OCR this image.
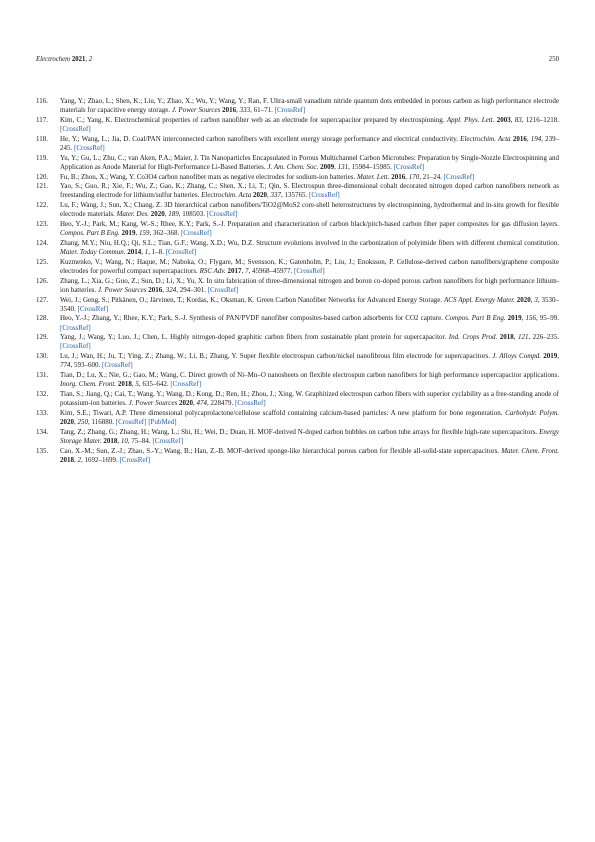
Electrochem 2021, 2	250
116.	Yang, Y.; Zhao, L.; Shen, K.; Liu, Y.; Zhao, X.; Wu, Y.; Wang, Y.; Ran, F. Ultra-small vanadium nitride quantum dots embedded in porous carbon as high performance electrode materials for capacitive energy storage. J. Power Sources 2016, 333, 61–71. [CrossRef]
117.	Kim, C.; Yang, K. Electrochemical properties of carbon nanofiber web as an electrode for supercapacitor prepared by electrospinning. Appl. Phys. Lett. 2003, 83, 1216–1218. [CrossRef]
118.	He, Y.; Wang, L.; Jia, D. Coal/PAN interconnected carbon nanofibers with excellent energy storage performance and electrical conductivity. Electrochim. Acta 2016, 194, 239–245. [CrossRef]
119.	Yu, Y.; Gu, L.; Zhu, C.; van Aken, P.A.; Maier, J. Tin Nanoparticles Encapsulated in Porous Multichannel Carbon Microtubes: Preparation by Single-Nozzle Electrospinning and Application as Anode Material for High-Performance Li-Based Batteries. J. Am. Chem. Soc. 2009, 131, 15984–15985. [CrossRef]
120.	Fu, B.; Zhou, X.; Wang, Y. Co3O4 carbon nanofiber mats as negative electrodes for sodium-ion batteries. Mater. Lett. 2016, 170, 21–24. [CrossRef]
121.	Yao, S.; Guo, R.; Xie, F.; Wu, Z.; Gao, K.; Zhang, C.; Shen, X.; Li, T.; Qin, S. Electrospun three-dimensional cobalt decorated nitrogen doped carbon nanofibers network as freestanding electrode for lithium/sulfur batteries. Electrochim. Acta 2020, 337, 135765. [CrossRef]
122.	Lu, F.; Wang, J.; Sun, X.; Chang, Z. 3D hierarchical carbon nanofibers/TiO2@MoS2 core-shell heterostructures by electrospinning, hydrothermal and in-situ growth for flexible electrode materials. Mater. Des. 2020, 189, 108503. [CrossRef]
123.	Heo, Y.-J.; Park, M.; Kang, W.-S.; Rhee, K.Y.; Park, S.-J. Preparation and characterization of carbon black/pitch-based carbon fiber paper composites for gas diffusion layers. Compos. Part B Eng. 2019, 159, 362–368. [CrossRef]
124.	Zhang, M.Y.; Niu, H.Q.; Qi, S.L.; Tian, G.F.; Wang, X.D.; Wu, D.Z. Structure evolutions involved in the carbonization of polyimide fibers with different chemical constitution. Mater. Today Commun. 2014, 1, 1–8. [CrossRef]
125.	Kuzmenko, V.; Wang, N.; Haque, M.; Naboka, O.; Flygare, M.; Svensson, K.; Gatenholm, P.; Liu, J.; Enoksson, P. Cellulose-derived carbon nanofibers/graphene composite electrodes for powerful compact supercapacitors. RSC Adv. 2017, 7, 45968–45977. [CrossRef]
126.	Zhang, L.; Xia, G.; Guo, Z.; Sun, D.; Li, X.; Yu, X. In situ fabrication of three-dimensional nitrogen and boron co-doped porous carbon nanofibers for high performance lithium-ion batteries. J. Power Sources 2016, 324, 294–301. [CrossRef]
127.	Wei, J.; Geng, S.; Pitkänen, O.; Järvinen, T.; Kordas, K.; Oksman, K. Green Carbon Nanofiber Networks for Advanced Energy Storage. ACS Appl. Energy Mater. 2020, 3, 3530–3540. [CrossRef]
128.	Heo, Y.-J.; Zhang, Y.; Rhee, K.Y.; Park, S.-J. Synthesis of PAN/PVDF nanofiber composites-based carbon adsorbents for CO2 capture. Compos. Part B Eng. 2019, 156, 95–99. [CrossRef]
129.	Yang, J.; Wang, Y.; Luo, J.; Chen, L. Highly nitrogen-doped graphitic carbon fibers from sustainable plant protein for supercapacitor. Ind. Crops Prod. 2018, 121, 226–235. [CrossRef]
130.	Lu, J.; Wan, H.; Ju, T.; Ying, Z.; Zhang, W.; Li, B.; Zhang, Y. Super flexible electrospun carbon/nickel nanofibrous film electrode for supercapacitors. J. Alloys Compd. 2019, 774, 593–600. [CrossRef]
131.	Tian, D.; Lu, X.; Nie, G.; Gao, M.; Wang, C. Direct growth of Ni–Mn–O nanosheets on flexible electrospun carbon nanofibers for high performance supercapacitor applications. Inorg. Chem. Front. 2018, 5, 635–642. [CrossRef]
132.	Tian, S.; Jiang, Q.; Cai, T.; Wang, Y.; Wang, D.; Kong, D.; Ren, H.; Zhou, J.; Xing, W. Graphitized electrospun carbon fibers with superior cyclability as a free-standing anode of potassium-ion batteries. J. Power Sources 2020, 474, 228479. [CrossRef]
133.	Kim, S.E.; Tiwari, A.P. Three dimensional polycaprolactone/cellulose scaffold containing calcium-based particles: A new platform for bone regeneration. Carbohydr. Polym. 2020, 250, 116880. [CrossRef] [PubMed]
134.	Tang, Z.; Zhang, G.; Zhang, H.; Wang, L.; Shi, H.; Wei, D.; Duan, H. MOF-derived N-doped carbon bubbles on carbon tube arrays for flexible high-rate supercapacitors. Energy Storage Mater. 2018, 10, 75–84. [CrossRef]
135.	Cao, X.-M.; Sun, Z.-J.; Zhao, S.-Y.; Wang, B.; Han, Z.-B. MOF-derived sponge-like hierarchical porous carbon for flexible all-solid-state supercapacitors. Mater. Chem. Front. 2018, 2, 1692–1699. [CrossRef]
